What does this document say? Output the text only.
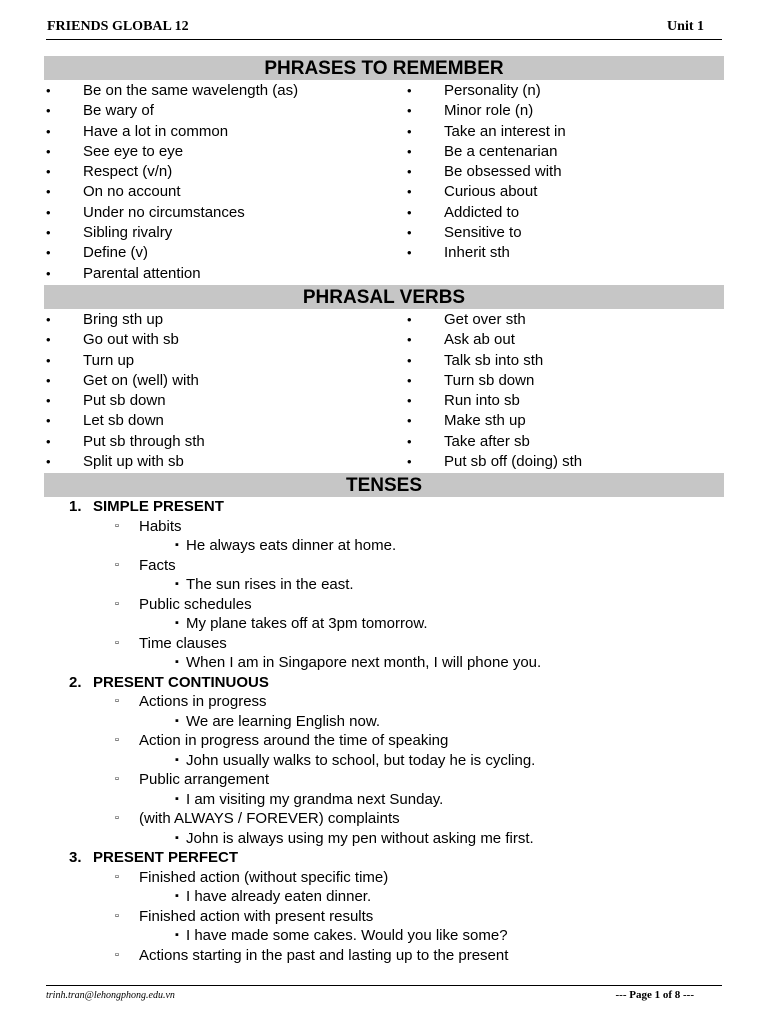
FRIENDS GLOBAL 12	Unit 1
PHRASES TO REMEMBER
• Be on the same wavelength (as)
• Be wary of
• Have a lot in common
• See eye to eye
• Respect (v/n)
• On no account
• Under no circumstances
• Sibling rivalry
• Define (v)
• Parental attention
• Personality (n)
• Minor role (n)
• Take an interest in
• Be a centenarian
• Be obsessed with
• Curious about
• Addicted to
• Sensitive to
• Inherit sth
PHRASAL VERBS
• Bring sth up
• Go out with sb
• Turn up
• Get on (well) with
• Put sb down
• Let sb down
• Put sb through sth
• Split up with sb
• Get over sth
• Ask ab out
• Talk sb into sth
• Turn sb down
• Run into sb
• Make sth up
• Take after sb
• Put sb off (doing) sth
TENSES
1. SIMPLE PRESENT
▫ Habits
▪ He always eats dinner at home.
▫ Facts
▪ The sun rises in the east.
▫ Public schedules
▪ My plane takes off at 3pm tomorrow.
▫ Time clauses
▪ When I am in Singapore next month, I will phone you.
2. PRESENT CONTINUOUS
▫ Actions in progress
▪ We are learning English now.
▫ Action in progress around the time of speaking
▪ John usually walks to school, but today he is cycling.
▫ Public arrangement
▪ I am visiting my grandma next Sunday.
▫ (with ALWAYS / FOREVER) complaints
▪ John is always using my pen without asking me first.
3. PRESENT PERFECT
▫ Finished action (without specific time)
▪ I have already eaten dinner.
▫ Finished action with present results
▪ I have made some cakes. Would you like some?
▫ Actions starting in the past and lasting up to the present
trinh.tran@lehongphong.edu.vn	--- Page 1 of 8 ---
